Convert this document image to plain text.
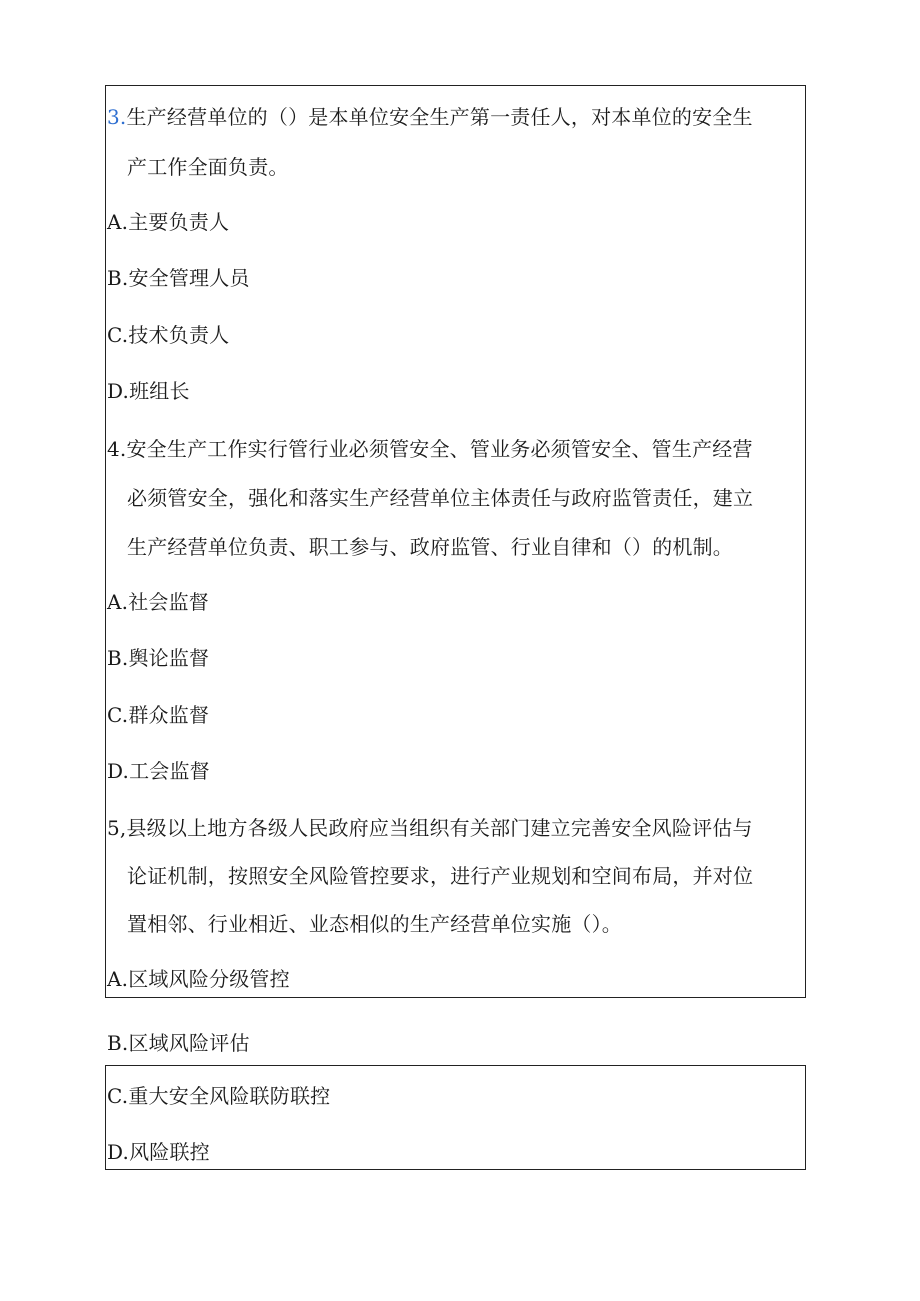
3.生产经营单位的（）是本单位安全生产第一责任人，对本单位的安全生
产工作全面负责。
A.主要负责人
B.安全管理人员
C.技术负责人
D.班组长
4.安全生产工作实行管行业必须管安全、管业务必须管安全、管生产经营
必须管安全，强化和落实生产经营单位主体责任与政府监管责任，建立
生产经营单位负责、职工参与、政府监管、行业自律和（）的机制。
A.社会监督
B.舆论监督
C.群众监督
D.工会监督
5,县级以上地方各级人民政府应当组织有关部门建立完善安全风险评估与
论证机制，按照安全风险管控要求，进行产业规划和空间布局，并对位
置相邻、行业相近、业态相似的生产经营单位实施（）。
A.区域风险分级管控
B.区域风险评估
C.重大安全风险联防联控
D.风险联控
